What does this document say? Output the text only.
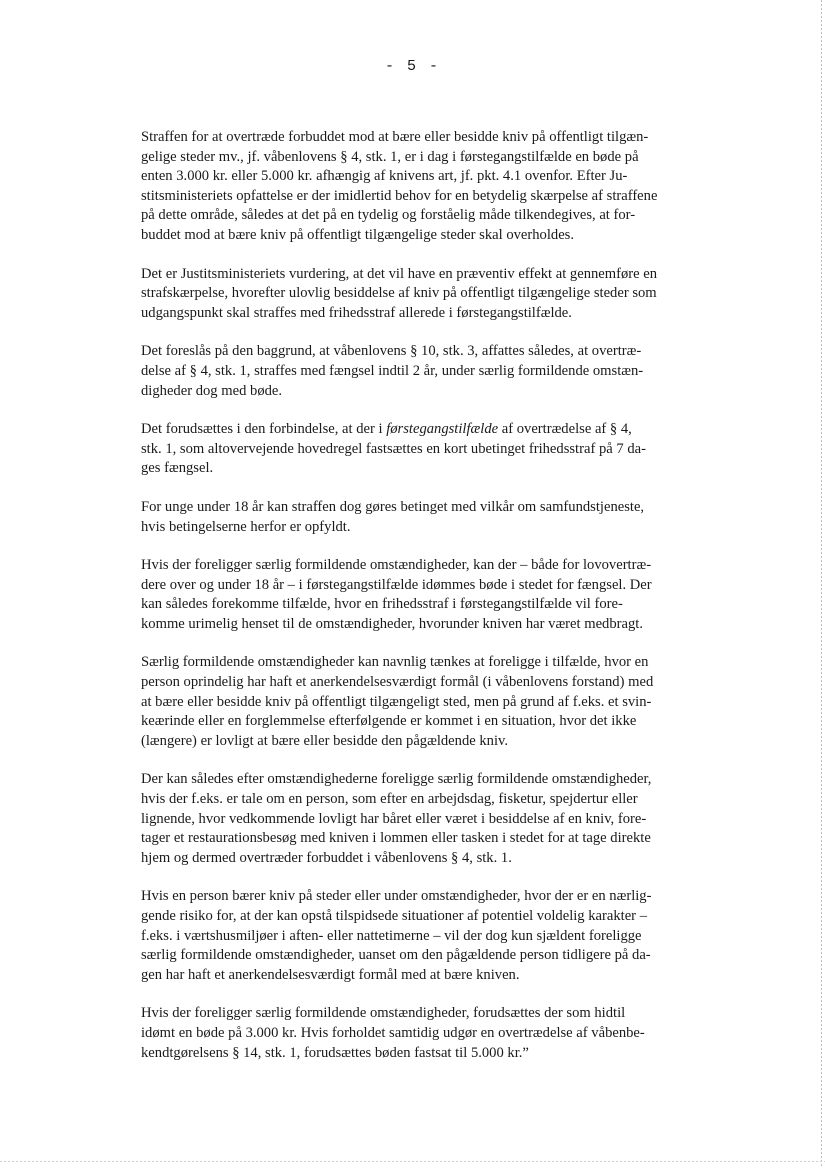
- 5 -

Straffen for at overtræde forbuddet mod at bære eller besidde kniv på offentligt tilgæn-
gelige steder mv., jf. våbenlovens § 4, stk. 1, er i dag i førstegangstilfælde en bøde på
enten 3.000 kr. eller 5.000 kr. afhængig af knivens art, jf. pkt. 4.1 ovenfor. Efter Ju-
stitsministeriets opfattelse er der imidlertid behov for en betydelig skærpelse af straffene
på dette område, således at det på en tydelig og forståelig måde tilkendegives, at for-
buddet mod at bære kniv på offentligt tilgængelige steder skal overholdes.

Det er Justitsministeriets vurdering, at det vil have en præventiv effekt at gennemføre en
strafskærpelse, hvorefter ulovlig besiddelse af kniv på offentligt tilgængelige steder som
udgangspunkt skal straffes med frihedsstraf allerede i førstegangstilfælde.

Det foreslås på den baggrund, at våbenlovens § 10, stk. 3, affattes således, at overtræ-
delse af § 4, stk. 1, straffes med fængsel indtil 2 år, under særlig formildende omstæn-
digheder dog med bøde.

Det forudsættes i den forbindelse, at der i førstegangstilfælde af overtrædelse af § 4,
stk. 1, som altovervejende hovedregel fastsættes en kort ubetinget frihedsstraf på 7 da-
ges fængsel.

For unge under 18 år kan straffen dog gøres betinget med vilkår om samfundstjeneste,
hvis betingelserne herfor er opfyldt.

Hvis der foreligger særlig formildende omstændigheder, kan der – både for lovovertræ-
dere over og under 18 år – i førstegangstilfælde idømmes bøde i stedet for fængsel. Der
kan således forekomme tilfælde, hvor en frihedsstraf i førstegangstilfælde vil fore-
komme urimelig henset til de omstændigheder, hvorunder kniven har været medbragt.

Særlig formildende omstændigheder kan navnlig tænkes at foreligge i tilfælde, hvor en
person oprindelig har haft et anerkendelsesværdigt formål (i våbenlovens forstand) med
at bære eller besidde kniv på offentligt tilgængeligt sted, men på grund af f.eks. et svin-
keærinde eller en forglemmelse efterfølgende er kommet i en situation, hvor det ikke
(længere) er lovligt at bære eller besidde den pågældende kniv.

Der kan således efter omstændighederne foreligge særlig formildende omstændigheder,
hvis der f.eks. er tale om en person, som efter en arbejdsdag, fisketur, spejdertur eller
lignende, hvor vedkommende lovligt har båret eller været i besiddelse af en kniv, fore-
tager et restaurationsbesøg med kniven i lommen eller tasken i stedet for at tage direkte
hjem og dermed overtræder forbuddet i våbenlovens § 4, stk. 1.

Hvis en person bærer kniv på steder eller under omstændigheder, hvor der er en nærlig-
gende risiko for, at der kan opstå tilspidsede situationer af potentiel voldelig karakter –
f.eks. i værtshusmiljøer i aften- eller nattetimerne – vil der dog kun sjældent foreligge
særlig formildende omstændigheder, uanset om den pågældende person tidligere på da-
gen har haft et anerkendelsesværdigt formål med at bære kniven.

Hvis der foreligger særlig formildende omstændigheder, forudsættes der som hidtil
idømt en bøde på 3.000 kr. Hvis forholdet samtidig udgør en overtrædelse af våbenbe-
kendtgørelsens § 14, stk. 1, forudsættes bøden fastsat til 5.000 kr.”
